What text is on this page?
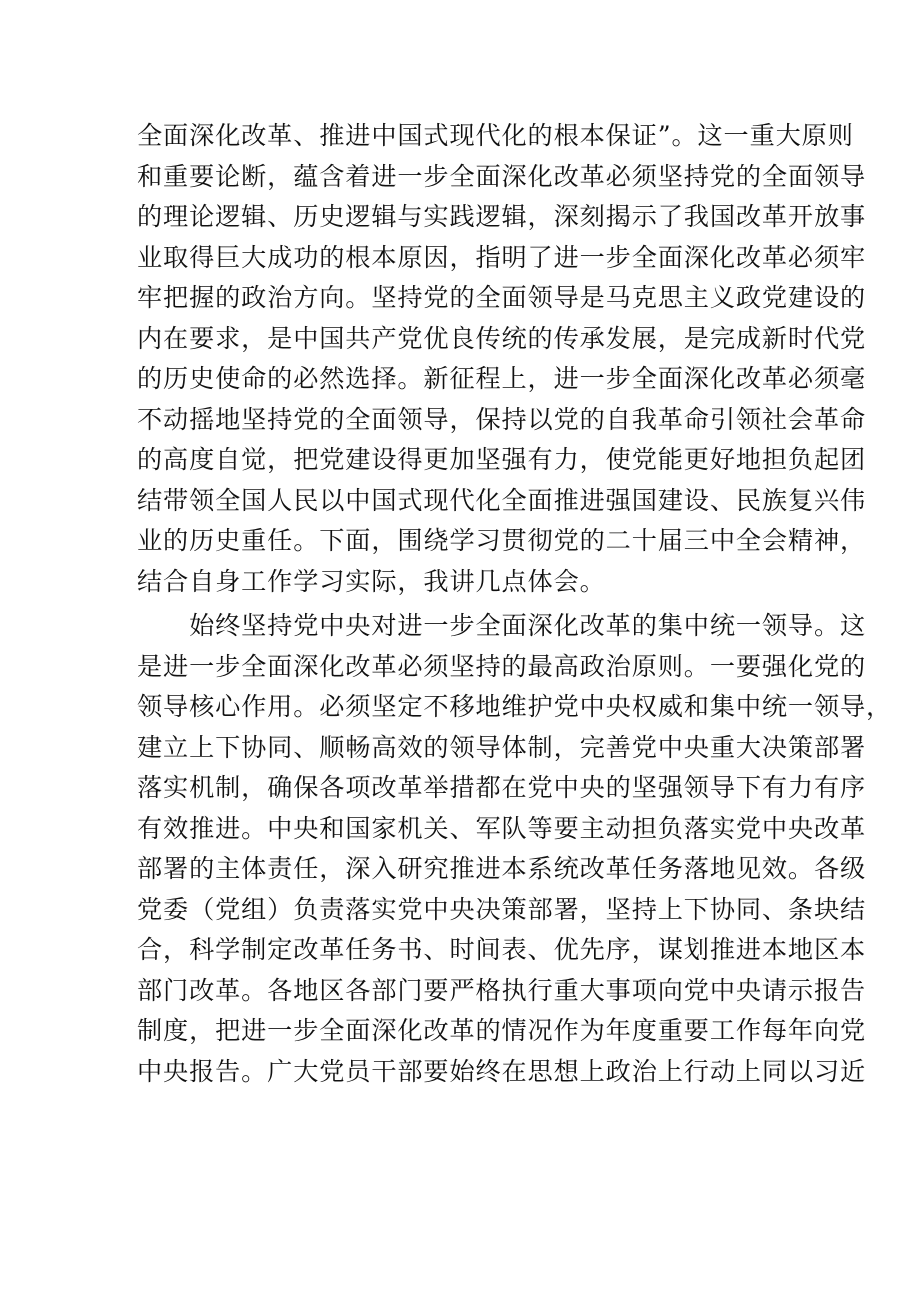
全面深化改革、推进中国式现代化的根本保证”。这一重大原则
和重要论断，蕴含着进一步全面深化改革必须坚持党的全面领导
的理论逻辑、历史逻辑与实践逻辑，深刻揭示了我国改革开放事
业取得巨大成功的根本原因，指明了进一步全面深化改革必须牢
牢把握的政治方向。坚持党的全面领导是马克思主义政党建设的
内在要求，是中国共产党优良传统的传承发展，是完成新时代党
的历史使命的必然选择。新征程上，进一步全面深化改革必须毫
不动摇地坚持党的全面领导，保持以党的自我革命引领社会革命
的高度自觉，把党建设得更加坚强有力，使党能更好地担负起团
结带领全国人民以中国式现代化全面推进强国建设、民族复兴伟
业的历史重任。下面，围绕学习贯彻党的二十届三中全会精神，
结合自身工作学习实际，我讲几点体会。
　　始终坚持党中央对进一步全面深化改革的集中统一领导。这
是进一步全面深化改革必须坚持的最高政治原则。一要强化党的
领导核心作用。必须坚定不移地维护党中央权威和集中统一领导，
建立上下协同、顺畅高效的领导体制，完善党中央重大决策部署
落实机制，确保各项改革举措都在党中央的坚强领导下有力有序
有效推进。中央和国家机关、军队等要主动担负落实党中央改革
部署的主体责任，深入研究推进本系统改革任务落地见效。各级
党委（党组）负责落实党中央决策部署，坚持上下协同、条块结
合，科学制定改革任务书、时间表、优先序，谋划推进本地区本
部门改革。各地区各部门要严格执行重大事项向党中央请示报告
制度，把进一步全面深化改革的情况作为年度重要工作每年向党
中央报告。广大党员干部要始终在思想上政治上行动上同以习近
